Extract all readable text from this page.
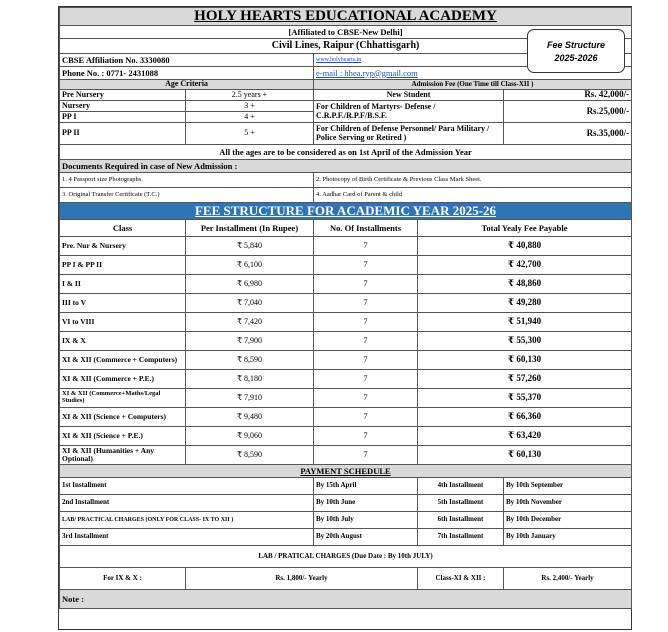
HOLY HEARTS EDUCATIONAL ACADEMY				
[Affiliated to CBSE-New Delhi]				
Civil Lines, Raipur (Chhattisgarh)				
CBSE Affiliation No. 3330080		www.holyhearts.in		
Phone No. : 0771- 2431088		e-mail : hhea.ryp@gmail.com		
Age Criteria		Admission Fee (One Time till Class-XII )		
Pre Nursery	2.5 years +	New Student		Rs. 42,000/-
Nursery	3 +	For Children of Martyrs- Defense / C.R.P.F./R.P.F/B.S.F.		Rs.25,000/-
PP I	4 +			
PP II	5 +	For Children of Defense Personnel/ Para Military / Police Serving or Retired )		Rs.35,000/-
All the ages are to be considered as on 1st April of the Admission Year				
Documents Required in case of New Admission :				
1. 4 Passport size Photographs.		2. Photocopy of Birth Certificate & Previous Class Mark Sheet.		
3. Original Transfer Certificate (T.C.)		4. Aadhar Card of Parent & child		
FEE STRUCTURE FOR ACADEMIC YEAR 2025-26				
Class	Per Installment (In Rupee)	No. Of Installments	Total Yealy Fee Payable	
Pre. Nur & Nursery	₹ 5,840	7	₹ 40,880	
PP I & PP II	₹ 6,100	7	₹ 42,700	
I & II	₹ 6,980	7	₹ 48,860	
III to V	₹ 7,040	7	₹ 49,280	
VI to VIII	₹ 7,420	7	₹ 51,940	
IX & X	₹ 7,900	7	₹ 55,300	
XI & XII (Commerce + Computers)	₹ 8,590	7	₹ 60,130	
XI & XII (Commerce + P.E.)	₹ 8,180	7	₹ 57,260	
XI & XII (Commerce+Maths/Legal Studies)	₹ 7,910	7	₹ 55,370	
XI & XII (Science + Computers)	₹ 9,480	7	₹ 66,360	
XI & XII (Science + P.E.)	₹ 9,060	7	₹ 63,420	
XI & XII (Humanities + Any Optional)	₹ 8,590	7	₹ 60,130	
PAYMENT SCHEDULE				
1st Installment		By 15th April	4th Installment	By 10th September
2nd Installment		By 10th June	5th Installment	By 10th November
LAB/ PRACTICAL CHARGES (ONLY FOR CLASS- IX TO XII )		By 10th July	6th Installment	By 10th December
3rd Installment		By 20th August	7th Installment	By 10th January
LAB / PRATICAL CHARGES (Due Date : By 10th JULY)				
For IX & X :	Rs. 1,800/- Yearly		Class-XI & XII :	Rs. 2,400/- Yearly
Note :				
Fee Structure
2025-2026
